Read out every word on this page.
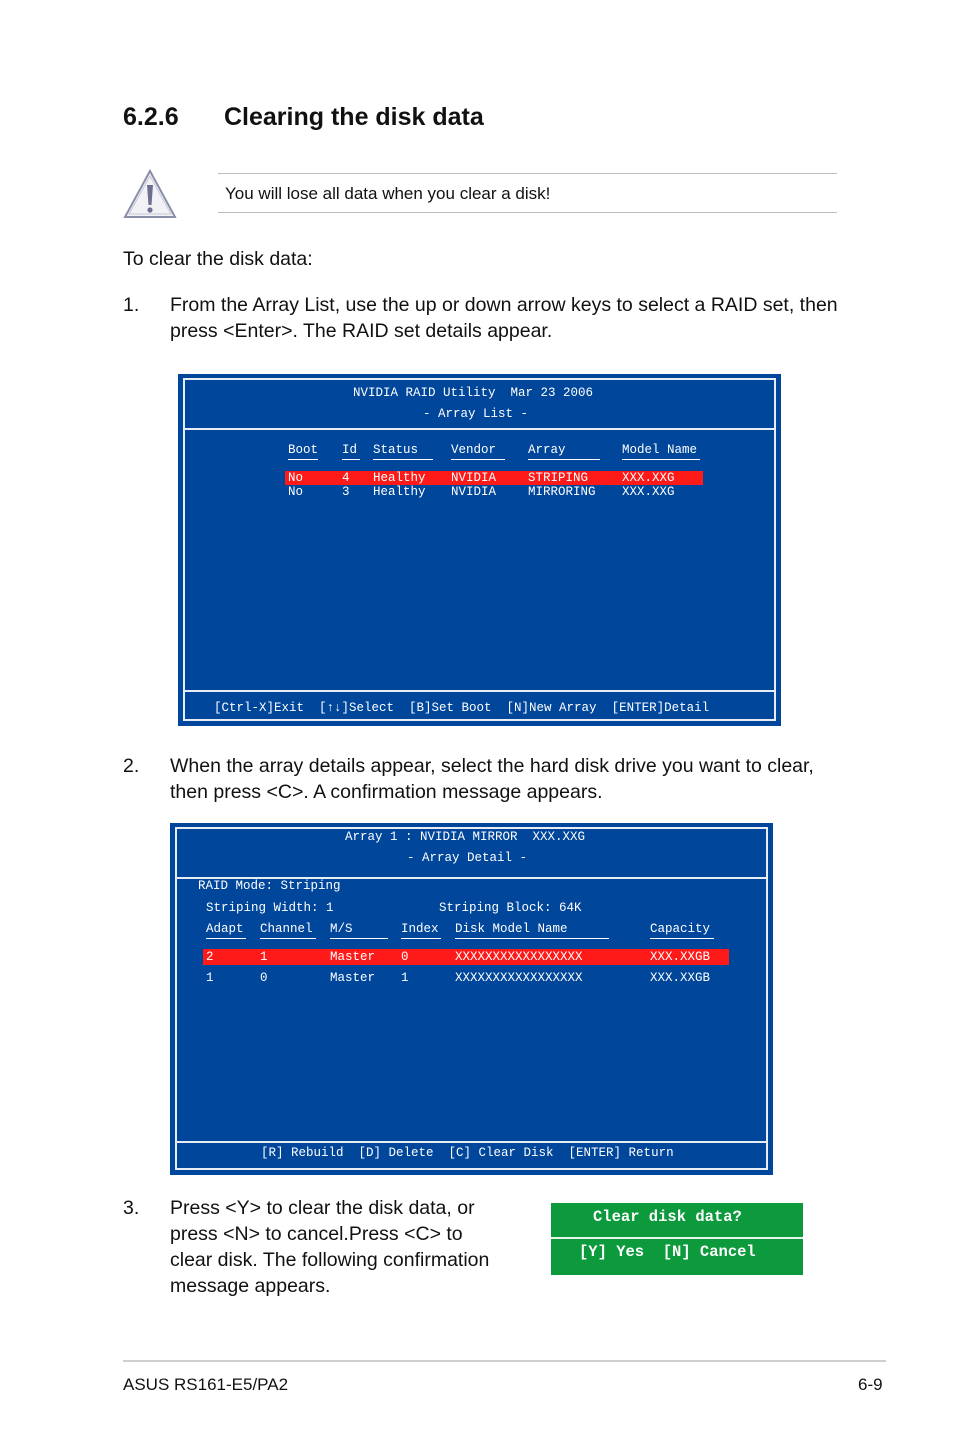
6.2.6 Clearing the disk data
You will lose all data when you clear a disk!
To clear the disk data:
1. From the Array List, use the up or down arrow keys to select a RAID set, then
press <Enter>. The RAID set details appear.
NVIDIA RAID Utility  Mar 23 2006
- Array List -
Boot Id Status	Vendor	Array	Model Name
No	4 Healthy NVIDIA	STRIPING	XXX.XXG
No	3 Healthy NVIDIA	MIRRORING XXX.XXG
[Ctrl-X]Exit  [↑↓]Select  [B]Set Boot  [N]New Array  [ENTER]Detail
2. When the array details appear, select the hard disk drive you want to clear,
then press <C>. A confirmation message appears.
Array 1 : NVIDIA MIRROR  XXX.XXG
- Array Detail -
RAID Mode: Striping
Striping Width: 1	Striping Block: 64K
Adapt Channel M/S	Index Disk Model Name	Capacity
2	1	Master 0	XXXXXXXXXXXXXXXXX	XXX.XXGB
1	0	Master 1	XXXXXXXXXXXXXXXXX	XXX.XXGB
[R] Rebuild  [D] Delete  [C] Clear Disk  [ENTER] Return
3. Press <Y> to clear the disk data, or
press <N> to cancel.Press <C> to
clear disk. The following confirmation
message appears.
Clear disk data?
[Y] Yes  [N] Cancel
ASUS RS161-E5/PA2	6-9
